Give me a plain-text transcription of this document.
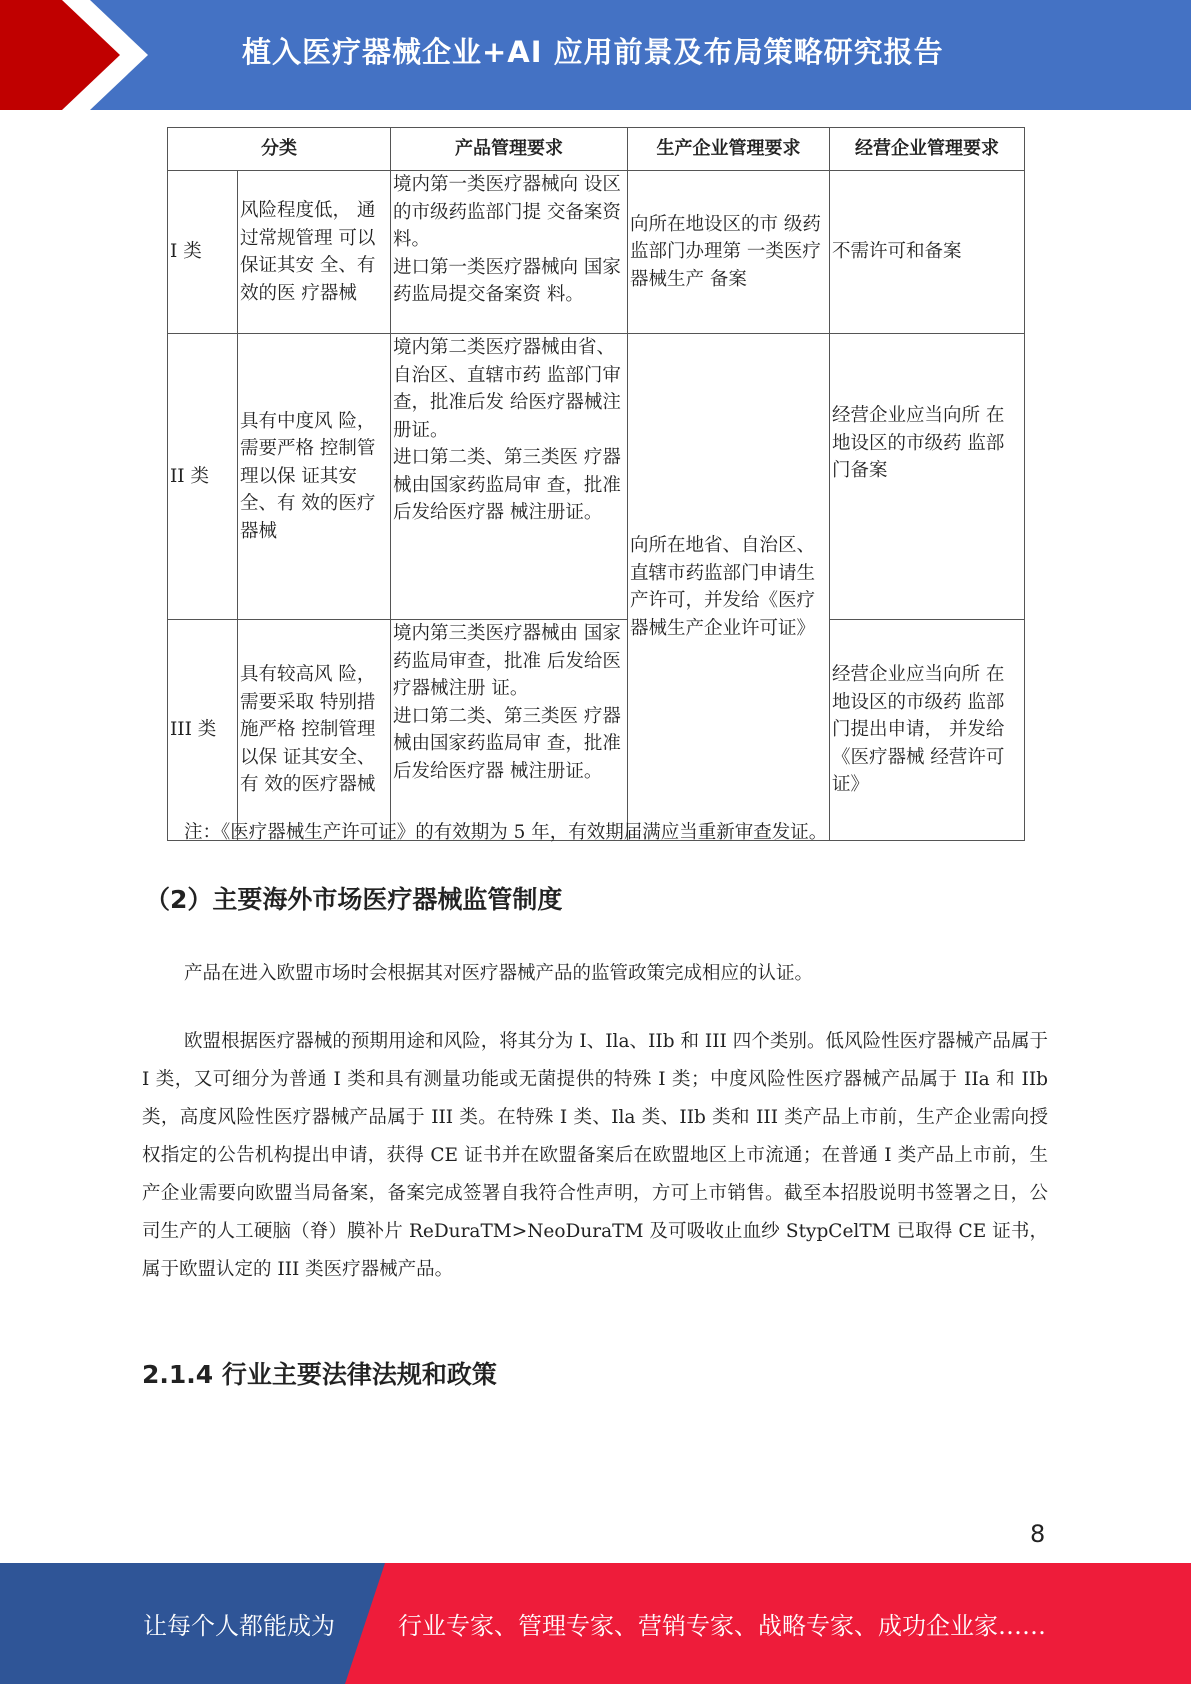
植入医疗器械企业+AI 应用前景及布局策略研究报告
分类		产品管理要求	生产企业管理要求	经营企业管理要求
I 类	风险程度低， 通过常规管理 可以保证其安 全、有效的医 疗器械	境内第一类医疗器械向 设区的市级药监部门提 交备案资料。
进口第一类医疗器械向 国家药监局提交备案资 料。	向所在地设区的市 级药监部门办理第 一类医疗器械生产 备案	不需许可和备案
II 类	具有中度风 险，需要严格 控制管理以保 证其安全、有 效的医疗器械	境内第二类医疗器械由省、自治区、直辖市药 监部门审查，批准后发 给医疗器械注册证。
进口第二类、第三类医 疗器械由国家药监局审 查，批准后发给医疗器 械注册证。	向所在地省、自治区、直辖市药监部门申请生产许可，并发给《医疗器械生产企业许可证》	经营企业应当向所 在地设区的市级药 监部门备案
III 类	具有较高风 险，需要采取 特别措施严格 控制管理以保 证其安全、有 效的医疗器械	境内第三类医疗器械由 国家药监局审查，批准 后发给医疗器械注册 证。
进口第二类、第三类医 疗器械由国家药监局审 查，批准后发给医疗器 械注册证。		经营企业应当向所 在地设区的市级药 监部门提出申请， 并发给《医疗器械 经营许可证》
注：《医疗器械生产许可证》的有效期为 5 年，有效期届满应当重新审查发证。
（2）主要海外市场医疗器械监管制度

产品在进入欧盟市场时会根据其对医疗器械产品的监管政策完成相应的认证。

欧盟根据医疗器械的预期用途和风险，将其分为 I、Ila、IIb 和 III 四个类别。低风险性医疗器械产品属于 I 类，又可细分为普通 I 类和具有测量功能或无菌提供的特殊 I 类；中度风险性医疗器械产品属于 IIa 和 IIb 类，高度风险性医疗器械产品属于 III 类。在特殊 I 类、Ila 类、IIb 类和 III 类产品上市前，生产企业需向授权指定的公告机构提出申请，获得 CE 证书并在欧盟备案后在欧盟地区上市流通；在普通 I 类产品上市前，生产企业需要向欧盟当局备案，备案完成签署自我符合性声明，方可上市销售。截至本招股说明书签署之日，公司生产的人工硬脑（脊）膜补片 ReDuraTM>NeoDuraTM 及可吸收止血纱 StypCelTM 已取得 CE 证书，属于欧盟认定的 III 类医疗器械产品。

2.1.4 行业主要法律法规和政策
8
让每个人都能成为	行业专家、管理专家、营销专家、战略专家、成功企业家……
